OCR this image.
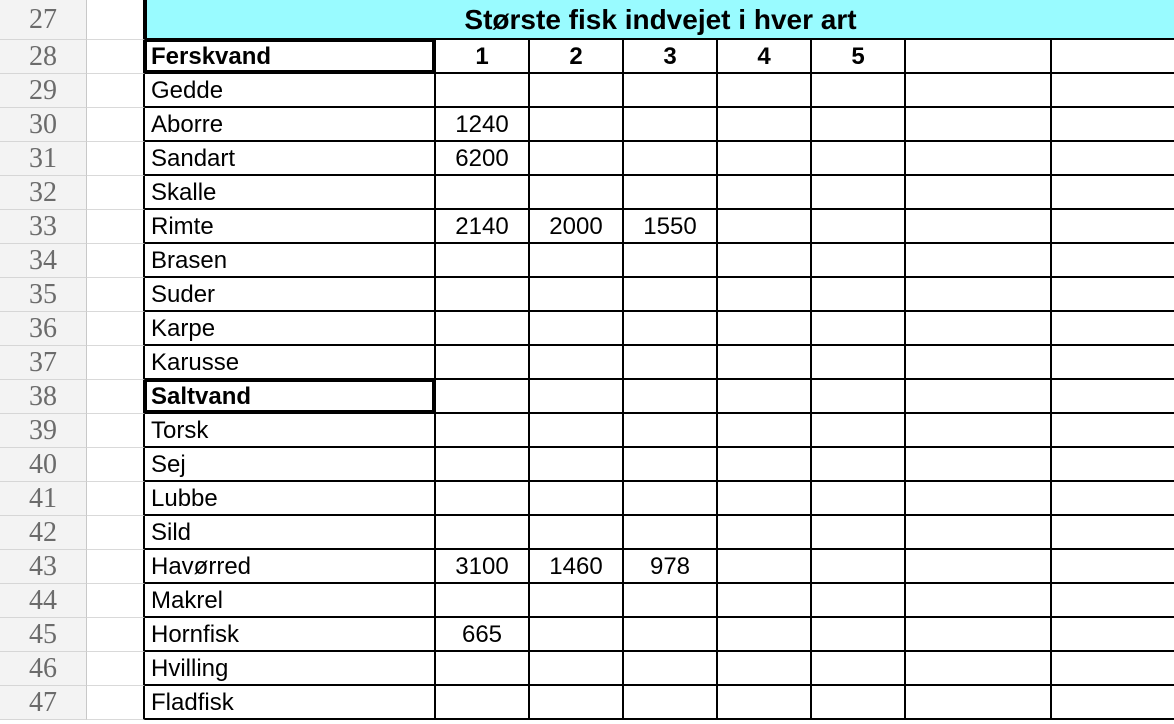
27	Største fisk indvejet i hver art
28	Ferskvand	1	2	3	4	5
29	Gedde
30	Aborre	1240
31	Sandart	6200
32	Skalle
33	Rimte	2140	2000	1550
34	Brasen
35	Suder
36	Karpe
37	Karusse
38	Saltvand
39	Torsk
40	Sej
41	Lubbe
42	Sild
43	Havørred	3100	1460	978
44	Makrel
45	Hornfisk	665
46	Hvilling
47	Fladfisk
